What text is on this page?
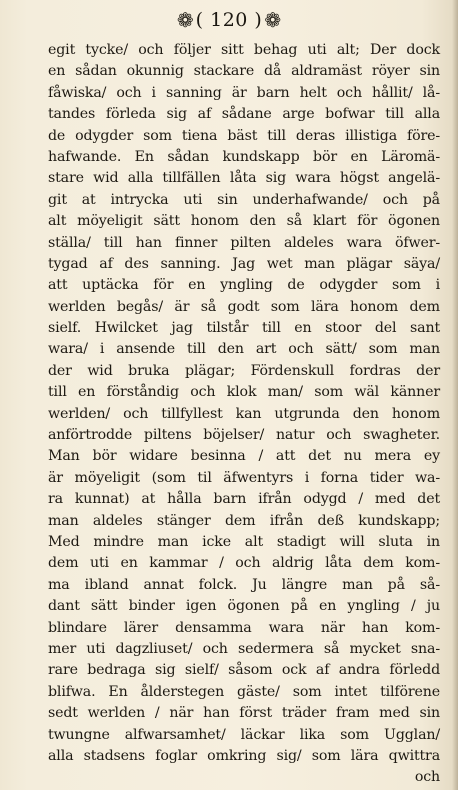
❁ ( 120 ) ❁
egit tycke/ och följer sitt behag uti alt; Der dock
en sådan okunnig stackare då aldramäst röyer sin
fåwiska/ och i sanning är barn helt och hållit/ lå-
tandes förleda sig af sådane arge bofwar till alla
de odygder som tiena bäst till deras illistiga före-
hafwande. En sådan kundskapp bör en Läromä-
stare wid alla tillfällen låta sig wara högst angelä-
git at intrycka uti sin underhafwande/ och på
alt möyeligit sätt honom den så klart för ögonen
ställa/ till han finner pilten aldeles wara öfwer-
tygad af des sanning. Jag wet man plägar säya/
att uptäcka för en yngling de odygder som i
werlden begås/ är så godt som lära honom dem
sielf. Hwilcket jag tilstår till en stoor del sant
wara/ i ansende till den art och sätt/ som man
der wid bruka plägar; Fördenskull fordras der
till en förståndig och klok man/ som wäl känner
werlden/ och tillfyllest kan utgrunda den honom
anförtrodde piltens böjelser/ natur och swagheter.
Man bör widare besinna / att det nu mera ey
är möyeligit (som til äfwentyrs i forna tider wa-
ra kunnat) at hålla barn ifrån odygd / med det
man aldeles stänger dem ifrån deß kundskapp;
Med mindre man icke alt stadigt will sluta in
dem uti en kammar / och aldrig låta dem kom-
ma ibland annat folck. Ju längre man på så-
dant sätt binder igen ögonen på en yngling / ju
blindare lärer densamma wara när han kom-
mer uti dagzliuset/ och sedermera så mycket sna-
rare bedraga sig sielf/ såsom ock af andra förledd
blifwa. En ålderstegen gäste/ som intet tilförene
sedt werlden / när han först träder fram med sin
twungne alfwarsamhet/ läckar lika som Ugglan/
alla stadsens foglar omkring sig/ som lära qwittra
och
